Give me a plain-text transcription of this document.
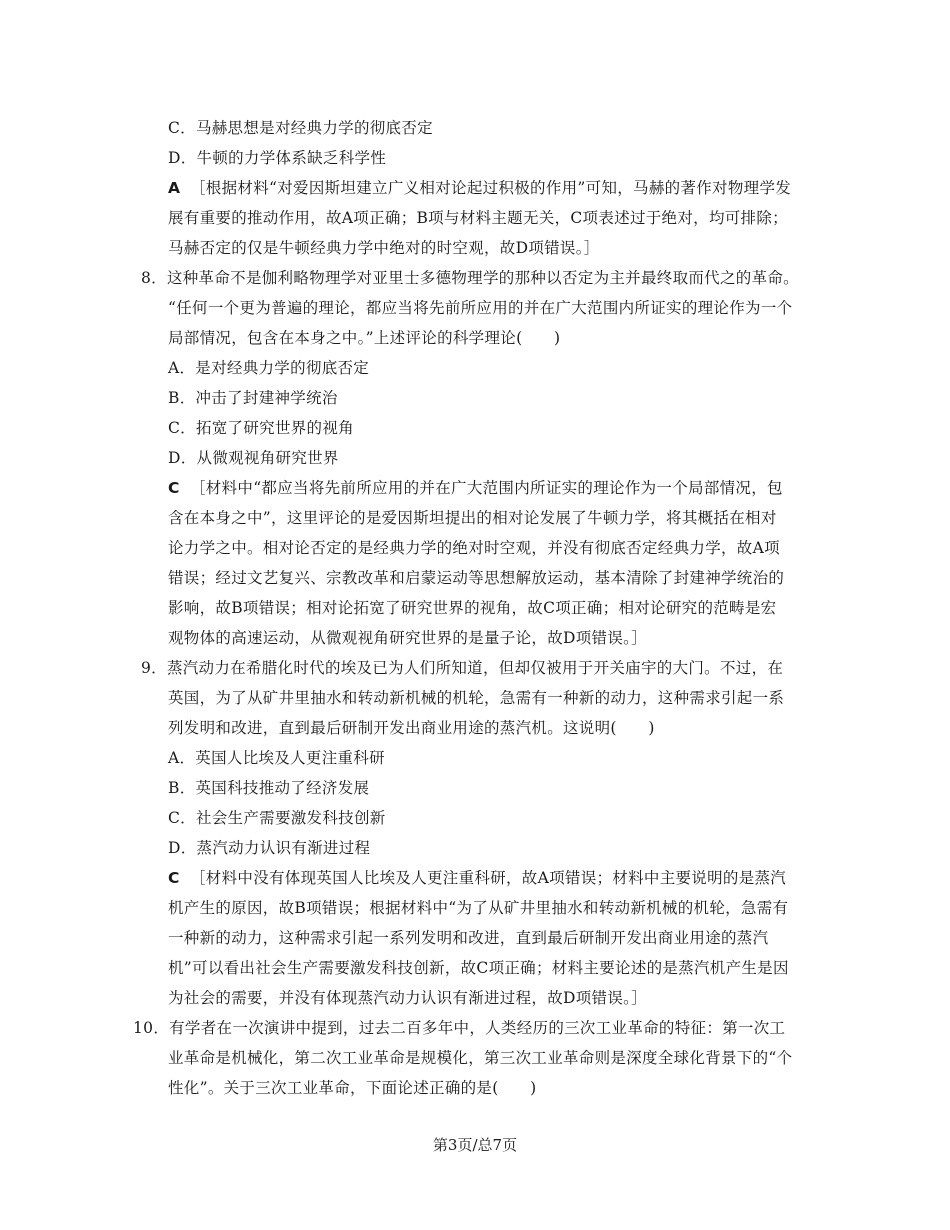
C．马赫思想是对经典力学的彻底否定
D．牛顿的力学体系缺乏科学性
A ［根据材料“对爱因斯坦建立广义相对论起过积极的作用”可知，马赫的著作对物理学发
展有重要的推动作用，故A项正确；B项与材料主题无关，C项表述过于绝对，均可排除；
马赫否定的仅是牛顿经典力学中绝对的时空观，故D项错误。］
8．这种革命不是伽利略物理学对亚里士多德物理学的那种以否定为主并最终取而代之的革命。
“任何一个更为普遍的理论，都应当将先前所应用的并在广大范围内所证实的理论作为一个
局部情况，包含在本身之中。”上述评论的科学理论(　　)
A．是对经典力学的彻底否定
B．冲击了封建神学统治
C．拓宽了研究世界的视角
D．从微观视角研究世界
C ［材料中“都应当将先前所应用的并在广大范围内所证实的理论作为一个局部情况，包
含在本身之中”，这里评论的是爱因斯坦提出的相对论发展了牛顿力学，将其概括在相对
论力学之中。相对论否定的是经典力学的绝对时空观，并没有彻底否定经典力学，故A项
错误；经过文艺复兴、宗教改革和启蒙运动等思想解放运动，基本清除了封建神学统治的
影响，故B项错误；相对论拓宽了研究世界的视角，故C项正确；相对论研究的范畴是宏
观物体的高速运动，从微观视角研究世界的是量子论，故D项错误。］
9．蒸汽动力在希腊化时代的埃及已为人们所知道，但却仅被用于开关庙宇的大门。不过，在
英国，为了从矿井里抽水和转动新机械的机轮，急需有一种新的动力，这种需求引起一系
列发明和改进，直到最后研制开发出商业用途的蒸汽机。这说明(　　)
A．英国人比埃及人更注重科研
B．英国科技推动了经济发展
C．社会生产需要激发科技创新
D．蒸汽动力认识有渐进过程
C ［材料中没有体现英国人比埃及人更注重科研，故A项错误；材料中主要说明的是蒸汽
机产生的原因，故B项错误；根据材料中“为了从矿井里抽水和转动新机械的机轮，急需有
一种新的动力，这种需求引起一系列发明和改进，直到最后研制开发出商业用途的蒸汽
机”可以看出社会生产需要激发科技创新，故C项正确；材料主要论述的是蒸汽机产生是因
为社会的需要，并没有体现蒸汽动力认识有渐进过程，故D项错误。］
10．有学者在一次演讲中提到，过去二百多年中，人类经历的三次工业革命的特征：第一次工
业革命是机械化，第二次工业革命是规模化，第三次工业革命则是深度全球化背景下的“个
性化”。关于三次工业革命，下面论述正确的是(　　)
第3页/总7页
